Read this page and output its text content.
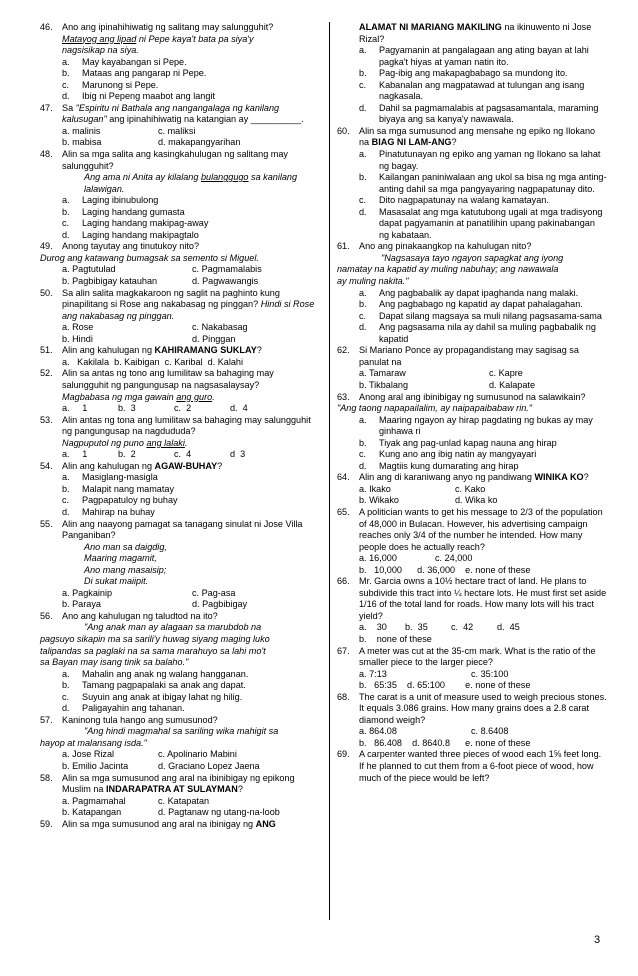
46.	Ano ang ipinahihiwatig ng salitang may salungguhit?
Matayog ang lipad ni Pepe kaya't bata pa siya'y
nagsisikap na siya.
a.	May kayabangan si Pepe.
b.	Mataas ang pangarap ni Pepe.
c.	Marunong si Pepe.
d.	Ibig ni Pepeng maabot ang langit
47.	Sa "Espiritu ni Bathala ang nangangalaga ng kanilang kalusugan" ang ipinahihiwatig na katangian ay __________.
a. malinis	c. maliksi
b. mabisa	d. makapangyarihan
48.	Alin sa mga salita ang kasingkahulugan ng salitang may salungguhit?
Ang ama ni Anita ay kilalang bulanggugo sa kanilang lalawigan.
a.	Laging ibinubulong
b.	Laging handang gumasta
c.	Laging handang makipag-away
d.	Laging handang makipagtalo
49.	Anong tayutay ang tinutukoy nito?
Durog ang katawang bumagsak sa semento si Miguel.
a. Pagtutulad	c. Pagmamalabis
b. Pagbibigay katauhan	d. Pagwawangis
50.	Sa alin salita magkakaroon ng saglit na paghinto kung pinapilitang si Rose ang nakabasag ng pinggan? Hindi si Rose ang nakabasag ng pinggan.
a. Rose	c. Nakabasag
b. Hindi	d. Pinggan
51.	Alin ang kahulugan ng KAHIRAMANG SUKLAY?
a.   Kakilala  b. Kaibigan  c. Karibal  d. Kalahi
52.	Alin sa antas ng tono ang lumilitaw sa bahaging may salungguhit ng pangungusap na nagsasalaysay?
Magbabasa ng mga gawain ang guro.
a.     1	b.  3	c.  2	d.  4
53.	Alin antas ng tona ang lumilitaw sa bahaging may salungguhit ng pangungusap na nagdududa?
Nagpuputol ng puno ang lalaki.
a.     1	b.  2	c.  4	d  3
54.	Alin ang kahulugan ng AGAW-BUHAY?
a.	Masiglang-masigla
b.	Malapit nang mamatay
c.	Pagpapatuloy ng buhay
d.	Mahirap na buhay
55.	Alin ang naayong pamagat sa tanagang sinulat ni Jose Villa Panganiban?
Ano man sa daigdig,
Maaring magamit,
Ano mang masaisip;
Di sukat maiipit.
a. Pagkainip	c. Pag-asa
b. Paraya	d. Pagbibigay
56.	Ano ang kahulugan ng taludtod na ito?
"Ang anak man ay alagaan sa marubdob na
pagsuyo sikapin ma sa sarili'y huwag siyang maging luko
talipandas sa paglaki na sa sama marahuyo sa lahi mo't
sa Bayan may isang tinik sa balaho."
a.	Mahalin ang anak ng walang hangganan.
b.	Tamang pagpapalaki sa anak ang dapat.
c.	Suyuin ang anak at ibigay lahat ng hilig.
d.	Paligayahin ang tahanan.
57.	Kaninong tula hango ang sumusunod?
"Ang hindi magmahal sa sariling wika mahigit sa
hayop at malansang isda."
a. Jose Rizal	c. Apolinario Mabini
b. Emilio Jacinta	d. Graciano Lopez Jaena
58.	Alin sa mga sumusunod ang aral na ibinibigay ng epikong Muslim na INDARAPATRA AT SULAYMAN?
a. Pagmamahal	c. Katapatan
b. Katapangan	d. Pagtanaw ng utang-na-loob
59.	Alin sa mga sumusunod ang aral na ibinigay ng ANG
ALAMAT NI MARIANG MAKILING na ikinuwento ni Jose Rizal?
a.	Pagyamanin at pangalagaan ang ating bayan at lahi pagka't hiyas at yaman natin ito.
b.	Pag-ibig ang makapagbabago sa mundong ito.
c.	Kabanalan ang magpatawad at tulungan ang isang nagkasala.
d.	Dahil sa pagmamalabis at pagsasamantala, maraming biyaya ang sa kanya'y nawawala.
60.	Alin sa mga sumusunod ang mensahe ng epiko ng Ilokano na BIAG NI LAM-ANG?
a.	Pinatutunayan ng epiko ang yaman ng Ilokano sa lahat ng bagay.
b.	Kailangan paniniwalaan ang ukol sa bisa ng mga anting-anting dahil sa mga pangyayaring nagpapatunay dito.
c.	Dito nagpapatunay na walang kamatayan.
d.	Masasalat ang mga katutubong ugali at mga tradisyong dapat pagyamanin at panatilihin upang pakinabangan ng kabataan.
61.	Ano ang pinakaangkop na kahulugan nito?
"Nagsasaya tayo ngayon sapagkat ang iyong
namatay na kapatid ay muling nabuhay; ang nawawala
ay muling nakita."
a.	Ang pagbabalik ay dapat ipaghanda nang malaki.
b.	Ang pagbabago ng kapatid ay dapat pahalagahan.
c.	Dapat silang magsaya sa muli nilang pagsasama-sama
d.	Ang pagsasama nila ay dahil sa muling pagbabalik ng kapatid
62.	Si Mariano Ponce ay propagandistang may sagisag sa panulat na
a. Tamaraw	c. Kapre
b. Tikbalang	d. Kalapate
63.	Anong aral ang ibinibigay ng sumusunod na salawikain?
"Ang taong napapailalim, ay naipapaibabaw rin."
a.	Maaring ngayon ay hirap pagdating ng bukas ay may ginhawa ri
b.	Tiyak ang pag-unlad kapag nauna ang hirap
c.	Kung ano ang ibig natin ay mangyayari
d.	Magtiis kung dumarating ang hirap
64.	Alin ang di karaniwang anyo ng pandiwang WINIKA KO?
a. Ikako	c. Kako
b. Wikako	d. Wika ko
65.	A politician wants to get his message to 2/3 of the population of 48,000 in Bulacan. However, his advertising campaign reaches only 3/4 of the number he intended. How many people does he actually reach?
a. 16,000	c. 24,000
b.   10,000      d. 36,000    e. none of these
66.	Mr. Garcia owns a 10½ hectare tract of land. He plans to subdivide this tract into ¼ hectare lots. He must first set aside 1/16 of the total land for roads. How many lots will his tract yield?
a.    30	b.  35	c.  42	d.  45
b.    none of these
67.	A meter was cut at the 35-cm mark. What is the ratio of the smaller piece to the larger piece?
a. 7:13	c. 35:100
b.   65:35    d. 65:100        e. none of these
68.	The carat is a unit of measure used to weigh precious stones. It equals 3.086 grains. How many grains does a 2.8 carat diamond weigh?
a. 864.08	c. 8.6408
b.   86.408    d. 8640.8      e. none of these
69.	A carpenter wanted three pieces of wood each 1⅝ feet long. If he planned to cut them from a 6-foot piece of wood, how much of the piece would be left?
3
